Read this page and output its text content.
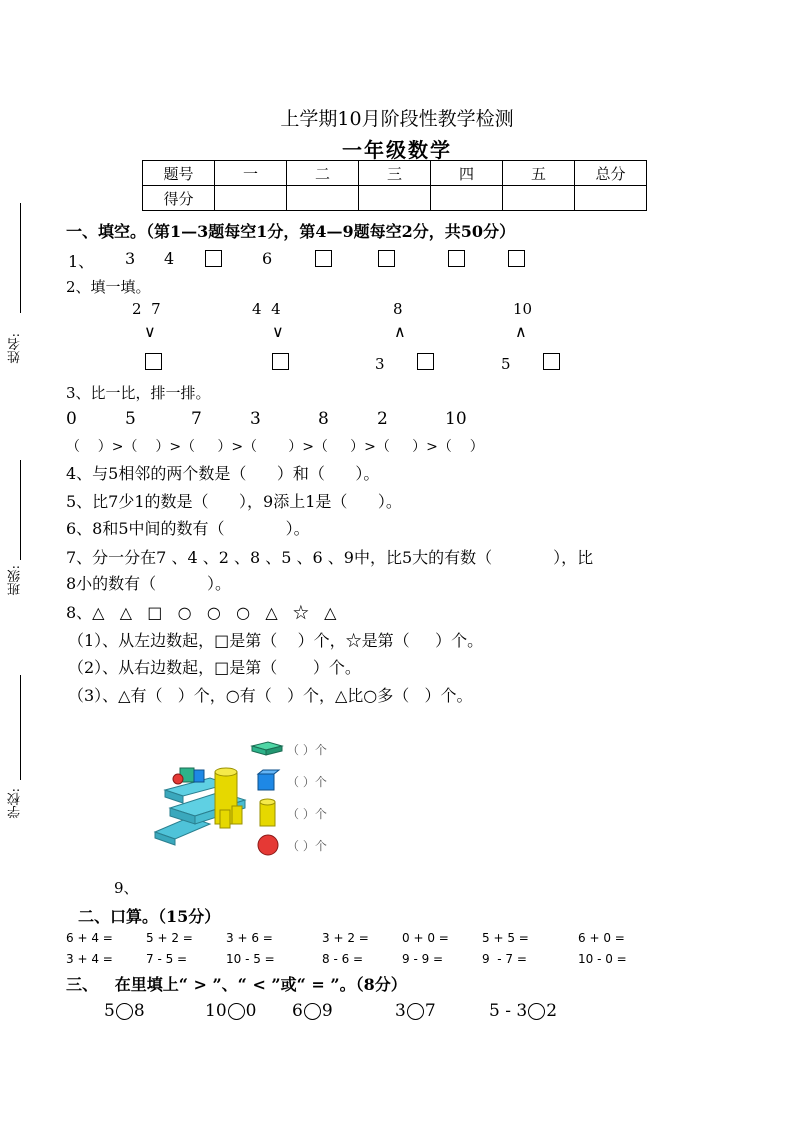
上学期10月阶段性教学检测
一年级数学
题号	一	二	三	四	五	总分
得分						
姓名:
班级:
学校:
一、填空。（第1—3题每空1分，第4—9题每空2分，共50分）
1、 3 4	6
2、填一填。
2  7	4  4	8	10
∨	∨	∧	∧
3	5
3、比一比，排一排。
0	5	7	3	8	2	10
（    ）>（    ）>（     ）>（       ）>（     ）>（     ）>（    ）
4、与5相邻的两个数是（      ）和（      ）。
5、比7少1的数是（      ），9添上1是（      ）。
6、8和5中间的数有（            ）。
7、分一分在7 、4 、2 、8 、5 、6 、9中，比5大的有数（            ），比
8小的数有（          ）。
8、△   △   □   ○   ○   ○   △   ☆   △
（1）、从左边数起，□是第（    ）个，☆是第（     ）个。
（2）、从右边数起，□是第（       ）个。
（3）、△有（   ）个，○有（   ）个，△比○多（   ）个。
（ ）个
（ ）个
（ ）个
（ ）个
9、
二、口算。（15分）
6 + 4 =	5 + 2 =	3 + 6 =	3 + 2 =	0 + 0 =	5 + 5 =	6 + 0 =
3 + 4 =	7 - 5 =	10 - 5 =	8 - 6 =	9 - 9 =	9  - 7 =	10 - 0 =
三、   在里填上“ > ”、“ < ”或“ = ”。（8分）
5 8	10 0 6 9	3 7	5 - 3 2
